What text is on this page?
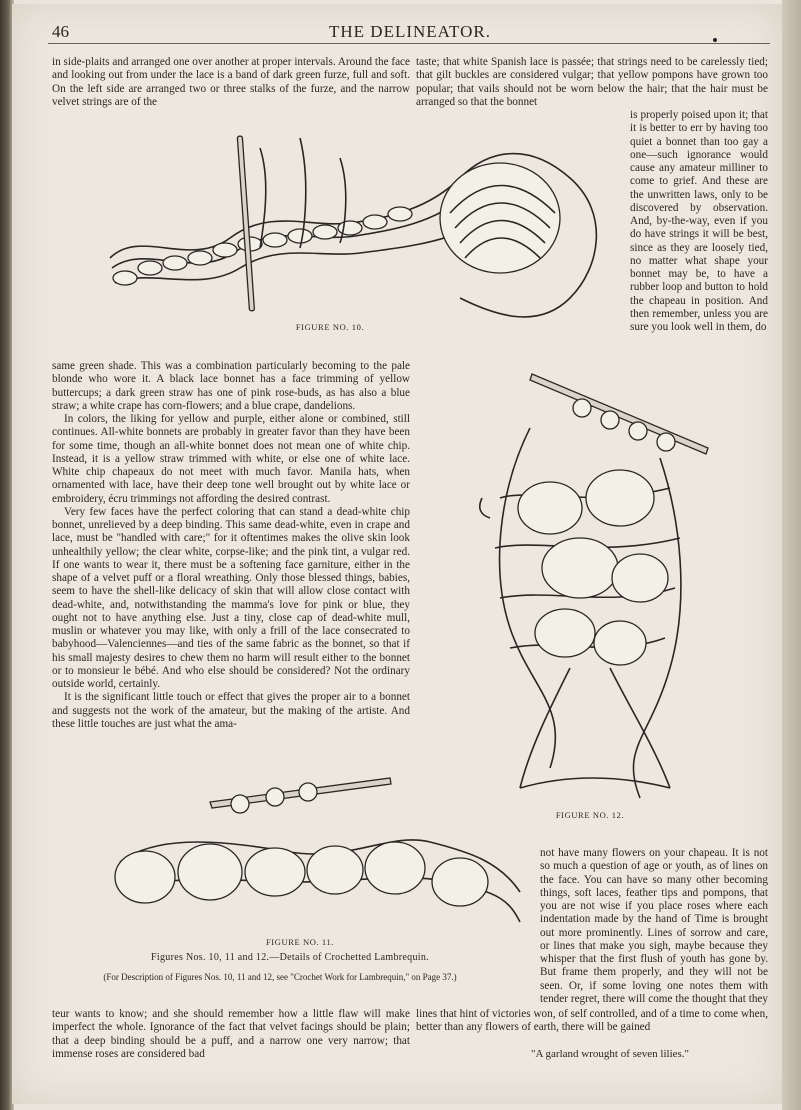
46	THE DELINEATOR.

in side-plaits and arranged one over another at proper intervals. Around the face and looking out from under the lace is a band of dark green furze, full and soft. On the left side are arranged two or three stalks of the furze, and the narrow velvet strings are of the

taste; that white Spanish lace is passée; that strings need to be carelessly tied; that gilt buckles are considered vulgar; that yellow pompons have grown too popular; that vails should not be worn below the hair; that the hair must be arranged so that the bonnet

is properly poised upon it; that it is better to err by having too quiet a bonnet than too gay a one—such ignorance would cause any amateur milliner to come to grief. And these are the unwritten laws, only to be discovered by observation. And, by-the-way, even if you do have strings it will be best, since as they are loosely tied, no matter what shape your bonnet may be, to have a rubber loop and button to hold the chapeau in position. And then remember, unless you are sure you look well in them, do

FIGURE NO. 10.

same green shade. This was a combination particularly becoming to the pale blonde who wore it. A black lace bonnet has a face trimming of yellow buttercups; a dark green straw has one of pink rose-buds, as has also a blue straw; a white crape has corn-flowers; and a blue crape, dandelions.

In colors, the liking for yellow and purple, either alone or combined, still continues. All-white bonnets are probably in greater favor than they have been for some time, though an all-white bonnet does not mean one of white chip. Instead, it is a yellow straw trimmed with white, or else one of white lace. White chip chapeaux do not meet with much favor. Manila hats, when ornamented with lace, have their deep tone well brought out by white lace or embroidery, écru trimmings not affording the desired contrast.

Very few faces have the perfect coloring that can stand a dead-white chip bonnet, unrelieved by a deep binding. This same dead-white, even in crape and lace, must be "handled with care;" for it oftentimes makes the olive skin look unhealthily yellow; the clear white, corpse-like; and the pink tint, a vulgar red. If one wants to wear it, there must be a softening face garniture, either in the shape of a velvet puff or a floral wreathing. Only those blessed things, babies, seem to have the shell-like delicacy of skin that will allow close contact with dead-white, and, notwithstanding the mamma's love for pink or blue, they ought not to have anything else. Just a tiny, close cap of dead-white mull, muslin or whatever you may like, with only a frill of the lace consecrated to babyhood—Valenciennes—and ties of the same fabric as the bonnet, so that if his small majesty desires to chew them no harm will result either to the bonnet or to monsieur le bébé. And who else should be considered? Not the ordinary outside world, certainly.

It is the significant little touch or effect that gives the proper air to a bonnet and suggests not the work of the amateur, but the making of the artiste. And these little touches are just what the ama-

FIGURE NO. 12.
FIGURE NO. 11.
Figures Nos. 10, 11 and 12.—Details of Crochetted Lambrequin.
(For Description of Figures Nos. 10, 11 and 12, see "Crochet Work for Lambrequin," on Page 37.)

not have many flowers on your chapeau. It is not so much a question of age or youth, as of lines on the face. You can have so many other becoming things, soft laces, feather tips and pompons, that you are not wise if you place roses where each indentation made by the hand of Time is brought out more prominently. Lines of sorrow and care, or lines that make you sigh, maybe because they whisper that the first flush of youth has gone by. But frame them properly, and they will not be seen. Or, if some loving one notes them with tender regret, there will come the thought that they

teur wants to know; and she should remember how a little flaw will make imperfect the whole. Ignorance of the fact that velvet facings should be plain; that a deep binding should be a puff, and a narrow one very narrow; that immense roses are considered bad

lines that hint of victories won, of self controlled, and of a time to come when, better than any flowers of earth, there will be gained

"A garland wrought of seven lilies."
